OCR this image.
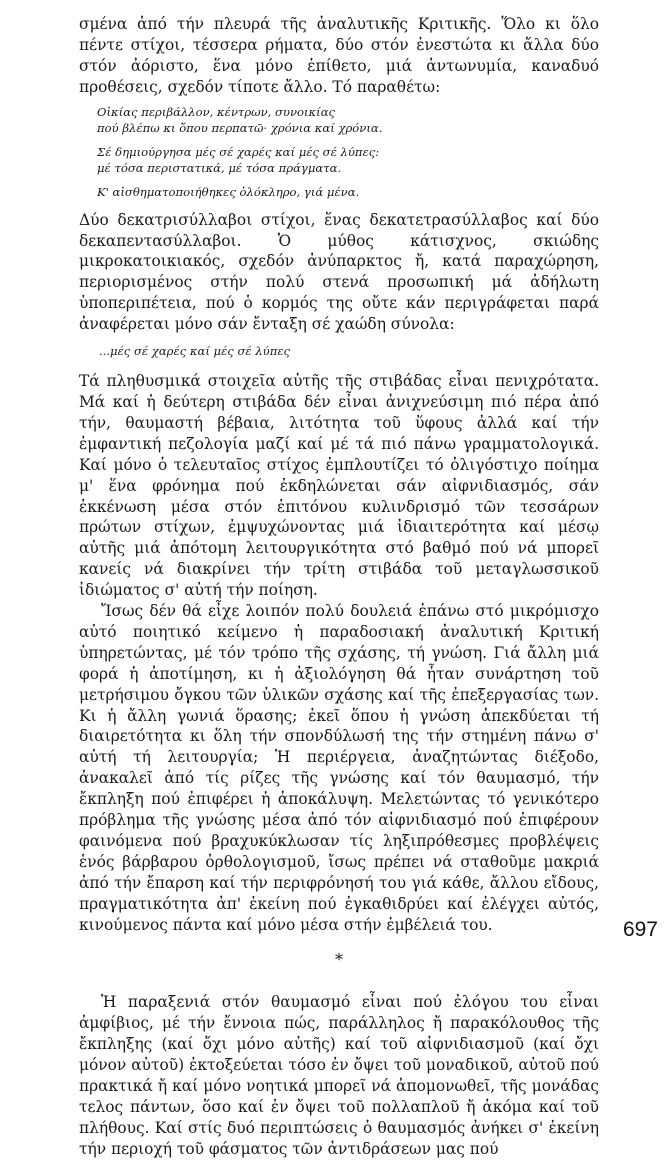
σμένα ἀπό τήν πλευρά τῆς ἀναλυτικῆς Κριτικῆς. Ὅλο κι ὅλο πέντε στίχοι, τέσσερα ρήματα, δύο στόν ἐνεστώτα κι ἄλλα δύο στόν ἀόριστο, ἕνα μόνο ἐπίθετο, μιά ἀντωνυμία, καναδυό προθέσεις, σχεδόν τίποτε ἄλλο. Τό παραθέτω:

Οἰκίας περιβάλλον, κέντρων, συνοικίας

πού βλέπω κι ὅπου περπατῶ· χρόνια καί χρόνια.

Σέ δημιούργησα μές σέ χαρές καί μές σέ λύπες:

μέ τόσα περιστατικά, μέ τόσα πράγματα.

Κ' αἰσθηματοποιήθηκες ὁλόκληρο, γιά μένα.

Δύο δεκατρισύλλαβοι στίχοι, ἕνας δεκατετρασύλλαβος καί δύο δεκαπεντασύλλαβοι. Ὁ μύθος κάτισχνος, σκιώδης μικροκατοικιακός, σχεδόν ἀνύπαρκτος ἤ, κατά παραχώρηση, περιορισμένος στήν πολύ στενά προσωπική μά ἀδήλωτη ὑποπεριπέτεια, πού ὁ κορμός της οὔτε κάν περιγράφεται παρά ἀναφέρεται μόνο σάν ἔνταξη σέ χαώδη σύνολα:

...μές σέ χαρές καί μές σέ λύπες

Τά πληθυσμικά στοιχεῖα αὐτῆς τῆς στιβάδας εἶναι πενιχρότατα. Μά καί ἡ δεύτερη στιβάδα δέν εἶναι ἀνιχνεύσιμη πιό πέρα ἀπό τήν, θαυμαστή βέβαια, λιτότητα τοῦ ὕφους ἀλλά καί τήν ἐμφαντική πεζολογία μαζί καί μέ τά πιό πάνω γραμματολογικά. Καί μόνο ὁ τελευταῖος στίχος ἐμπλουτίζει τό ὀλιγόστιχο ποίημα μ' ἕνα φρόνημα πού ἐκδηλώνεται σάν αἰφνιδιασμός, σάν ἐκκένωση μέσα στόν ἐπιτόνου κυλινδρισμό τῶν τεσσάρων πρώτων στίχων, ἐμψυχώνοντας μιά ἰδιαιτερότητα καί μέσῳ αὐτῆς μιά ἀπότομη λειτουργικότητα στό βαθμό πού νά μπορεῖ κανείς νά διακρίνει τήν τρίτη στιβάδα τοῦ μεταγλωσσικοῦ ἰδιώματος σ' αὐτή τήν ποίηση.

Ἴσως δέν θά εἶχε λοιπόν πολύ δουλειά ἐπάνω στό μικρόμισχο αὐτό ποιητικό κείμενο ἡ παραδοσιακή ἀναλυτική Κριτική ὑπηρετώντας, μέ τόν τρόπο τῆς σχάσης, τή γνώση. Γιά ἄλλη μιά φορά ἡ ἀποτίμηση, κι ἡ ἀξιολόγηση θά ἦταν συνάρτηση τοῦ μετρήσιμου ὄγκου τῶν ὑλικῶν σχάσης καί τῆς ἐπεξεργασίας των. Κι ἡ ἄλλη γωνιά ὅρασης; ἐκεῖ ὅπου ἡ γνώση ἀπεκδύεται τή διαιρετότητα κι ὅλη τήν σπονδύλωσή της τήν στημένη πάνω σ' αὐτή τή λειτουργία; Ἡ περιέργεια, ἀναζητώντας διέξοδο, ἀνακαλεῖ ἀπό τίς ρίζες τῆς γνώσης καί τόν θαυμασμό, τήν ἔκπληξη πού ἐπιφέρει ἡ ἀποκάλυψη. Μελετώντας τό γενικότερο πρόβλημα τῆς γνώσης μέσα ἀπό τόν αἰφνιδιασμό πού ἐπιφέρουν φαινόμενα πού βραχυκύκλωσαν τίς ληξιπρόθεσμες προβλέψεις ἑνός βάρβαρου ὀρθολογισμοῦ, ἴσως πρέπει νά σταθοῦμε μακριά ἀπό τήν ἔπαρση καί τήν περιφρόνησή του γιά κάθε, ἄλλου εἴδους, πραγματικότητα ἀπ' ἐκείνη πού ἐγκαθιδρύει καί ἐλέγχει αὐτός, κινούμενος πάντα καί μόνο μέσα στήν ἐμβέλειά του.

*

Ἡ παραξενιά στόν θαυμασμό εἶναι πού ἐλόγου του εἶναι ἀμφίβιος, μέ τήν ἔννοια πώς, παράλληλος ἤ παρακόλουθος τῆς ἔκπληξης (καί ὄχι μόνο αὐτῆς) καί τοῦ αἰφνιδιασμοῦ (καί ὄχι μόνον αὐτοῦ) ἐκτοξεύεται τόσο ἐν ὄψει τοῦ μοναδικοῦ, αὐτοῦ πού πρακτικά ἤ καί μόνο νοητικά μπορεῖ νά ἀπομονωθεῖ, τῆς μονάδας τελος πάντων, ὅσο καί ἐν ὄψει τοῦ πολλαπλοῦ ἤ ἀκόμα καί τοῦ πλήθους. Καί στίς δυό περιπτώσεις ὁ θαυμασμός ἀνήκει σ' ἐκείνη τήν περιοχή τοῦ φάσματος τῶν ἀντιδράσεων μας πού

697
